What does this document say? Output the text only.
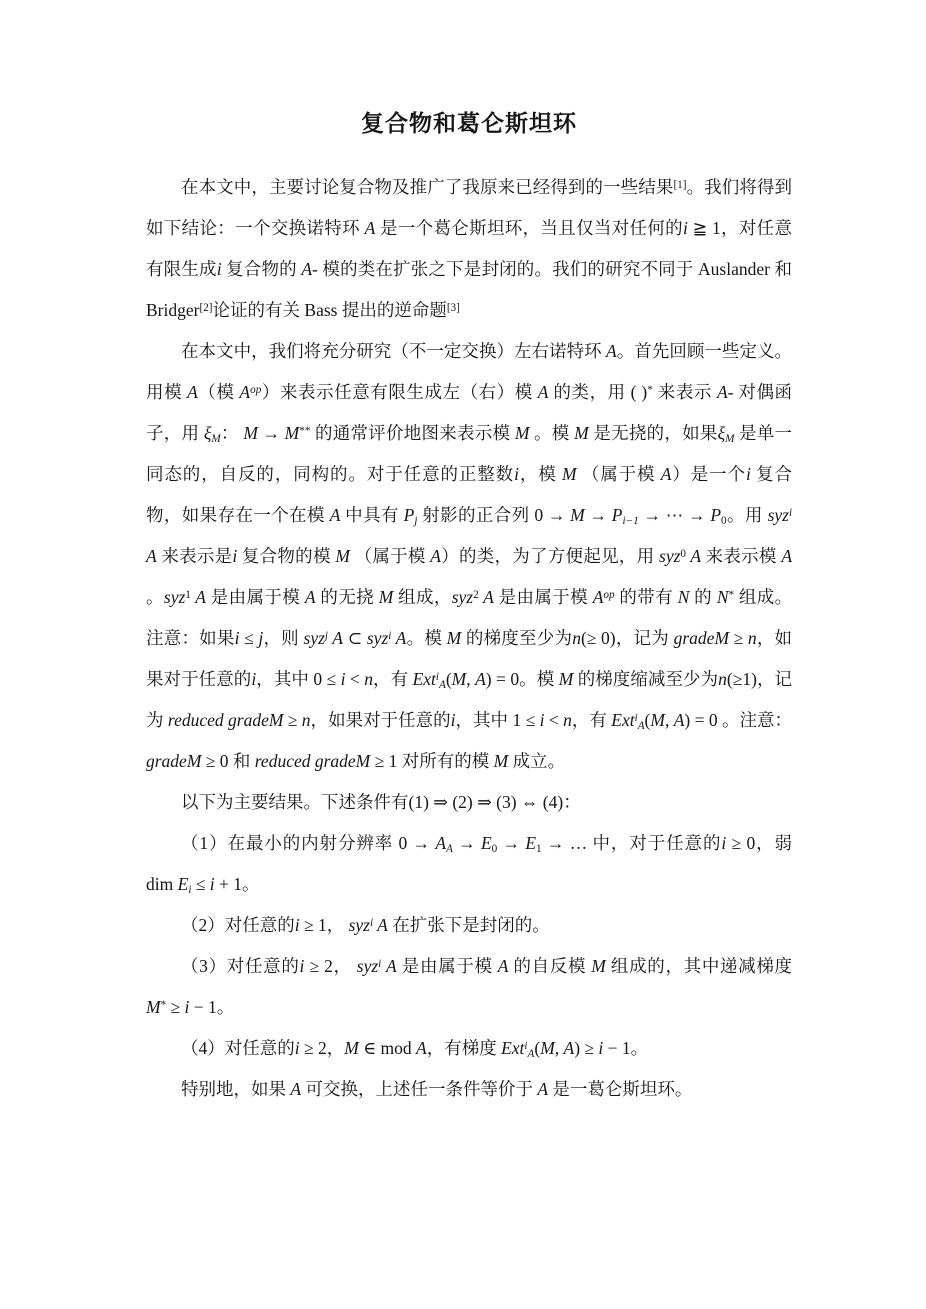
复合物和葛仑斯坦环

在本文中，主要讨论复合物及推广了我原来已经得到的一些结果[1]。我们将得到如下结论：一个交换诺特环 A 是一个葛仑斯坦环，当且仅当对任何的i ≧ 1，对任意有限生成i 复合物的 A- 模的类在扩张之下是封闭的。我们的研究不同于 Auslander 和 Bridger[2]论证的有关 Bass 提出的逆命题[3]

在本文中，我们将充分研究（不一定交换）左右诺特环 A。首先回顾一些定义。用模 A（模 $A^{op}$）来表示任意有限生成左（右）模 A 的类，用 ( )* 来表示 A- 对偶函子，用 $\xi_M$： M → M** 的通常评价地图来表示模 M 。模 M 是无挠的，如果$\xi_M$ 是单一同态的，自反的，同构的。对于任意的正整数i，模 M （属于模 A）是一个i 复合物，如果存在一个在模 A 中具有 $P_j$ 射影的正合列 $0 \to M \to P_{i-1}$ → ⋯ → $P_0$。用 syz$^i$ A 来表示是i 复合物的模 M （属于模 A）的类，为了方便起见，用 syz$^0$ A 来表示模 A 。syz$^1$ A 是由属于模 A 的无挠 M 组成，syz$^2$ A 是由属于模 $A^{op}$ 的带有 N 的 N* 组成。注意：如果i ≤ j，则 syz$^j$ A ⊂ syz$^i$ A。模 M 的梯度至少为n(≥ 0)，记为 gradeM ≥ n，如果对于任意的i，其中 0 ≤ i < n，有 Ext$^i_A$(M, A) = 0。模 M 的梯度缩减至少为n(≥1)，记为 reduced gradeM ≥ n，如果对于任意的i，其中 1 ≤ i < n，有 Ext$^i_A$(M, A) = 0 。注意： gradeM ≥ 0 和 reduced gradeM ≥ 1 对所有的模 M 成立。

以下为主要结果。下述条件有(1) ⇒ (2) ⇒ (3) ⇔ (4)：

（1）在最小的内射分辨率 $0 \to A_A \to E_0 \to E_1$ → … 中，对于任意的i ≥ 0，弱 dim $E_i \le i + 1$。

（2）对任意的i ≥ 1， syz$^i$ A 在扩张下是封闭的。

（3）对任意的i ≥ 2， syz$^i$ A 是由属于模 A 的自反模 M 组成的，其中递减梯度 M* ≥ i − 1。

（4）对任意的i ≥ 2，M ∈ mod A，有梯度 Ext$^i_A$(M, A) ≥ i − 1。

特别地，如果 A 可交换，上述任一条件等价于 A 是一葛仑斯坦环。
